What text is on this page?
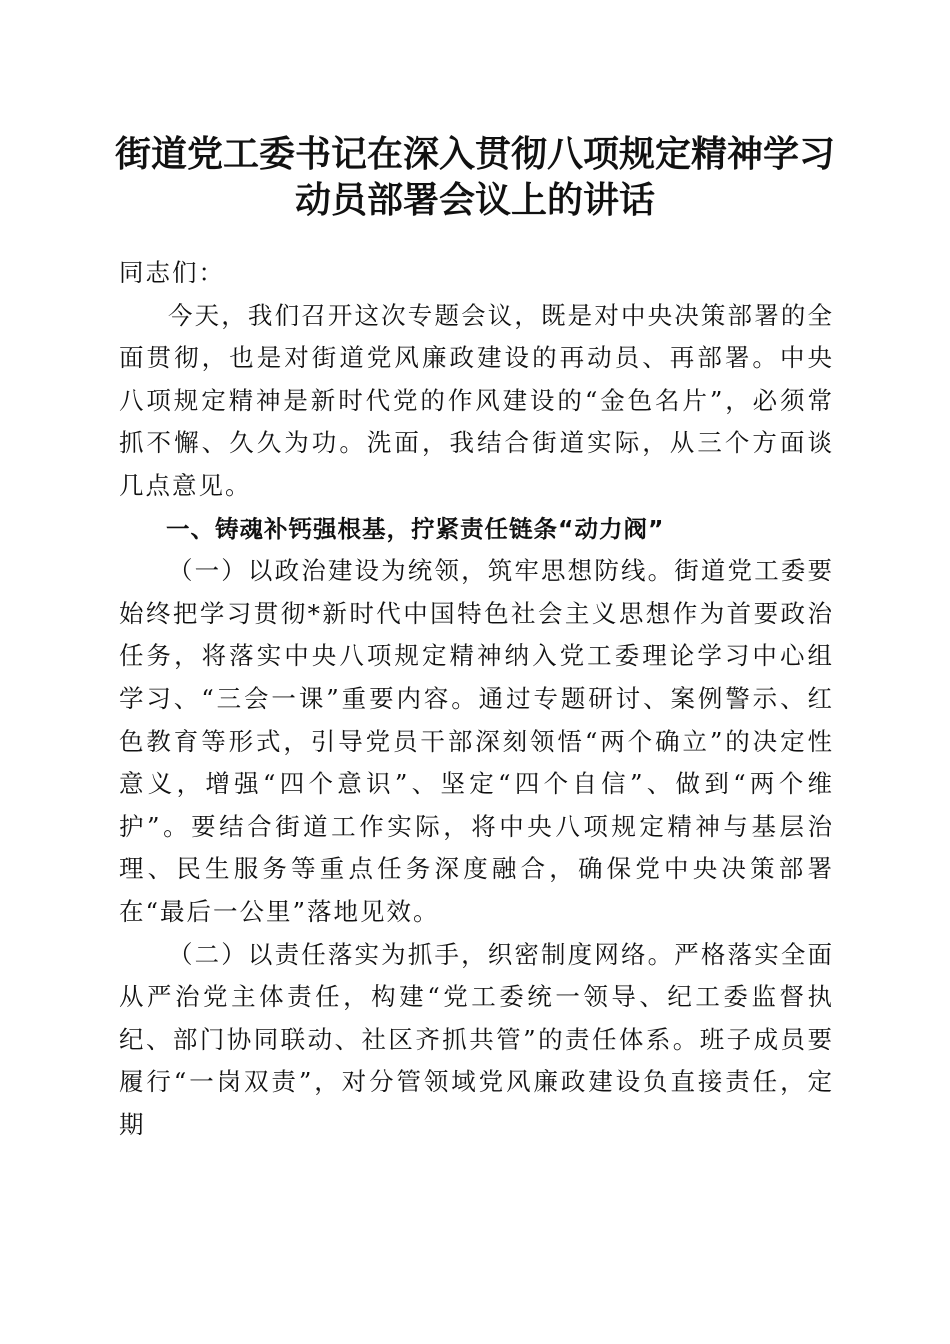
街道党工委书记在深入贯彻八项规定精神学习
动员部署会议上的讲话

同志们：

今天，我们召开这次专题会议，既是对中央决策部署的全面贯彻，也是对街道党风廉政建设的再动员、再部署。中央八项规定精神是新时代党的作风建设的“金色名片”，必须常抓不懈、久久为功。洗面，我结合街道实际，从三个方面谈几点意见。

一、铸魂补钙强根基，拧紧责任链条“动力阀”

（一）以政治建设为统领，筑牢思想防线。街道党工委要始终把学习贯彻*新时代中国特色社会主义思想作为首要政治任务，将落实中央八项规定精神纳入党工委理论学习中心组学习、“三会一课”重要内容。通过专题研讨、案例警示、红色教育等形式，引导党员干部深刻领悟“两个确立”的决定性意义，增强“四个意识”、坚定“四个自信”、做到“两个维护”。要结合街道工作实际，将中央八项规定精神与基层治理、民生服务等重点任务深度融合，确保党中央决策部署在“最后一公里”落地见效。

（二）以责任落实为抓手，织密制度网络。严格落实全面从严治党主体责任，构建“党工委统一领导、纪工委监督执纪、部门协同联动、社区齐抓共管”的责任体系。班子成员要履行“一岗双责”，对分管领域党风廉政建设负直接责任，定期
